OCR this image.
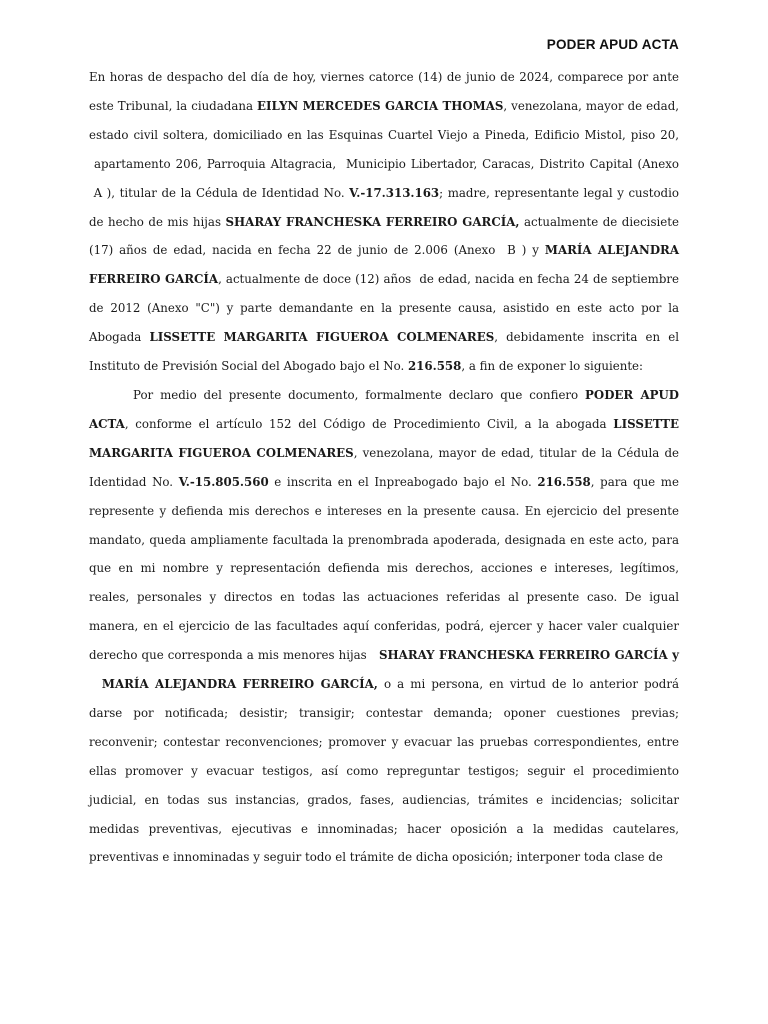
PODER APUD ACTA

En horas de despacho del día de hoy, viernes catorce (14) de junio de 2024, comparece por ante este Tribunal, la ciudadana EILYN MERCEDES GARCIA THOMAS, venezolana, mayor de edad, estado civil soltera, domiciliado en las Esquinas Cuartel Viejo a Pineda, Edificio Mistol, piso 20,  apartamento 206, Parroquia Altagracia,  Municipio Libertador, Caracas, Distrito Capital (Anexo  A ), titular de la Cédula de Identidad No. V.-17.313.163; madre, representante legal y custodio de hecho de mis hijas SHARAY FRANCHESKA FERREIRO GARCÍA, actualmente de diecisiete (17) años de edad, nacida en fecha 22 de junio de 2.006 (Anexo  B ) y MARÍA ALEJANDRA FERREIRO GARCÍA, actualmente de doce (12) años  de edad, nacida en fecha 24 de septiembre de 2012 (Anexo "C") y parte demandante en la presente causa, asistido en este acto por la Abogada LISSETTE MARGARITA FIGUEROA COLMENARES, debidamente inscrita en el Instituto de Previsión Social del Abogado bajo el No. 216.558, a fin de exponer lo siguiente:

Por medio del presente documento, formalmente declaro que confiero PODER APUD ACTA, conforme el artículo 152 del Código de Procedimiento Civil, a la abogada LISSETTE MARGARITA FIGUEROA COLMENARES, venezolana, mayor de edad, titular de la Cédula de Identidad No. V.-15.805.560 e inscrita en el Inpreabogado bajo el No. 216.558, para que me represente y defienda mis derechos e intereses en la presente causa. En ejercicio del presente mandato, queda ampliamente facultada la prenombrada apoderada, designada en este acto, para que en mi nombre y representación defienda mis derechos, acciones e intereses, legítimos, reales, personales y directos en todas las actuaciones referidas al presente caso. De igual manera, en el ejercicio de las facultades aquí conferidas, podrá, ejercer y hacer valer cualquier derecho que corresponda a mis menores hijas   SHARAY FRANCHESKA FERREIRO GARCÍA y   MARÍA ALEJANDRA FERREIRO GARCÍA, o a mi persona, en virtud de lo anterior podrá darse por notificada; desistir; transigir; contestar demanda; oponer cuestiones previas; reconvenir; contestar reconvenciones; promover y evacuar las pruebas correspondientes, entre ellas promover y evacuar testigos, así como repreguntar testigos; seguir el procedimiento judicial, en todas sus instancias, grados, fases, audiencias, trámites e incidencias; solicitar medidas preventivas, ejecutivas e innominadas; hacer oposición a la medidas cautelares, preventivas e innominadas y seguir todo el trámite de dicha oposición; interponer toda clase de
